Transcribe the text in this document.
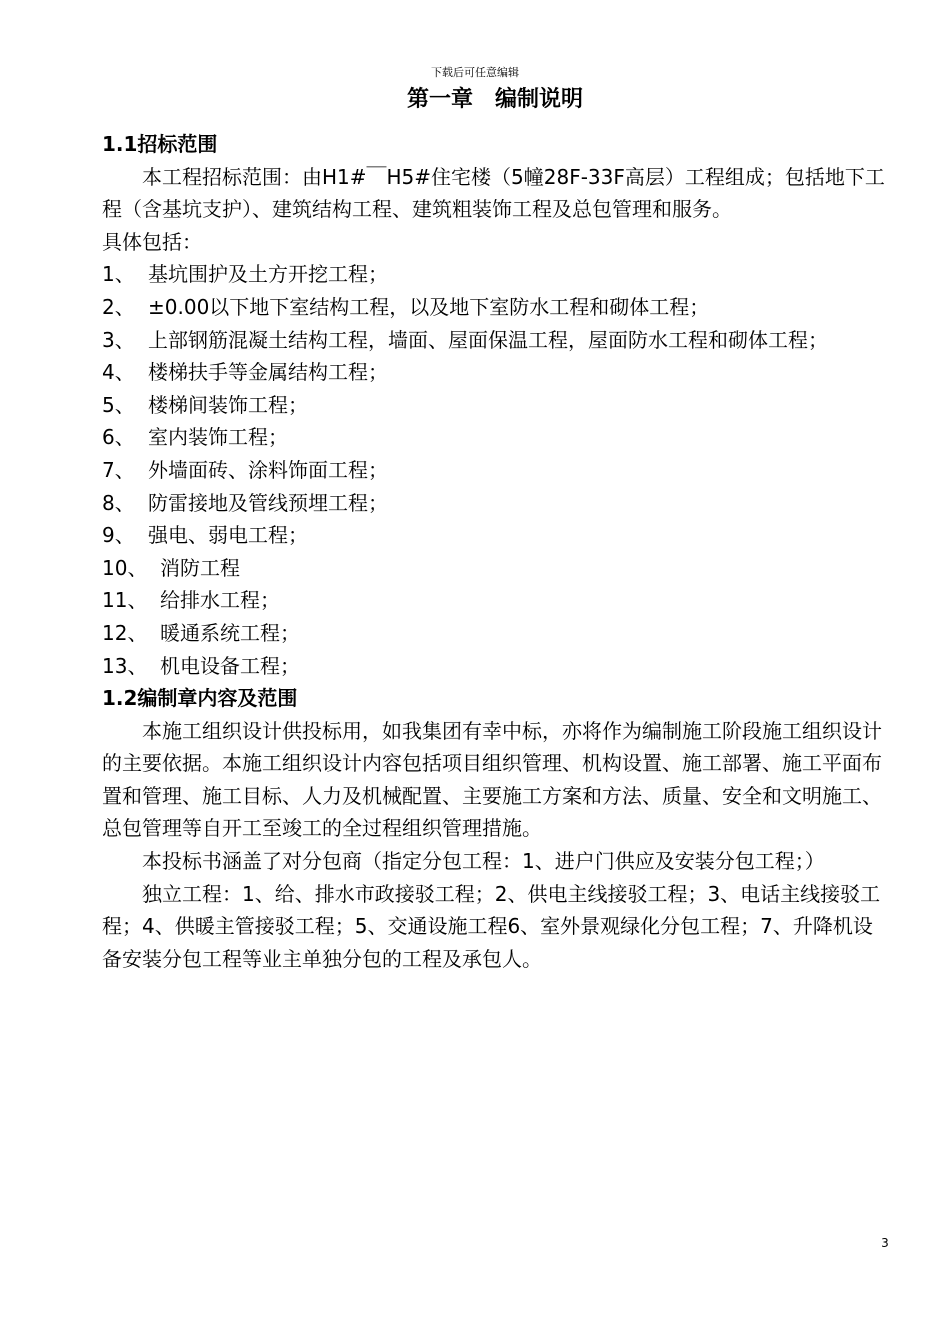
下载后可任意编辑
第一章　编制说明
1.1招标范围

本工程招标范围：由H1#￣H5#住宅楼（5幢28F-33F高层）工程组成；包括地下工程（含基坑支护）、建筑结构工程、建筑粗装饰工程及总包管理和服务。

具体包括：

1、 基坑围护及土方开挖工程；
2、 ±0.00以下地下室结构工程，以及地下室防水工程和砌体工程；
3、 上部钢筋混凝土结构工程，墙面、屋面保温工程，屋面防水工程和砌体工程；
4、 楼梯扶手等金属结构工程；
5、 楼梯间装饰工程；
6、 室内装饰工程；
7、 外墙面砖、涂料饰面工程；
8、 防雷接地及管线预埋工程；
9、 强电、弱电工程；
10、 消防工程
11、 给排水工程；
12、 暖通系统工程；
13、 机电设备工程；
1.2编制章内容及范围

本施工组织设计供投标用，如我集团有幸中标，亦将作为编制施工阶段施工组织设计的主要依据。本施工组织设计内容包括项目组织管理、机构设置、施工部署、施工平面布置和管理、施工目标、人力及机械配置、主要施工方案和方法、质量、安全和文明施工、总包管理等自开工至竣工的全过程组织管理措施。

本投标书涵盖了对分包商（指定分包工程：1、进户门供应及安装分包工程；）

独立工程：1、给、排水市政接驳工程；2、供电主线接驳工程；3、电话主线接驳工程；4、供暖主管接驳工程；5、交通设施工程6、室外景观绿化分包工程；7、升降机设备安装分包工程等业主单独分包的工程及承包人。

3
